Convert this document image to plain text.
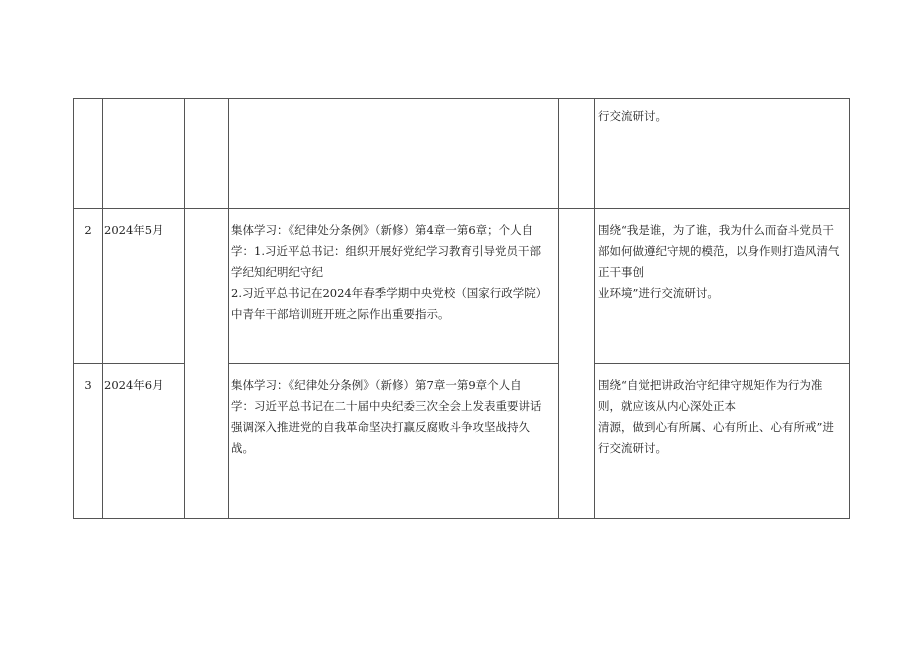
					行交流研讨。

2	2024年5月		集体学习：《纪律处分条例》（新修）第4章一第6章；个人自
学：1.习近平总书记：组织开展好党纪学习教育引导党员干部
学纪知纪明纪守纪
2.习近平总书记在2024年春季学期中央党校（国家行政学院）
中青年干部培训班开班之际作出重要指示。		围绕“我是谁，为了谁，我为什么而奋斗党员干
部如何做遵纪守规的模范，以身作则打造风清气
正干事创
业环境”进行交流研讨。

3	2024年6月		集体学习：《纪律处分条例》（新修）第7章一第9章个人自
学：习近平总书记在二十届中央纪委三次全会上发表重要讲话
强调深入推进党的自我革命坚决打赢反腐败斗争攻坚战持久
战。		围绕“自觉把讲政治守纪律守规矩作为行为准
则，就应该从内心深处正本
清源，做到心有所属、心有所止、心有所戒”进
行交流研讨。
